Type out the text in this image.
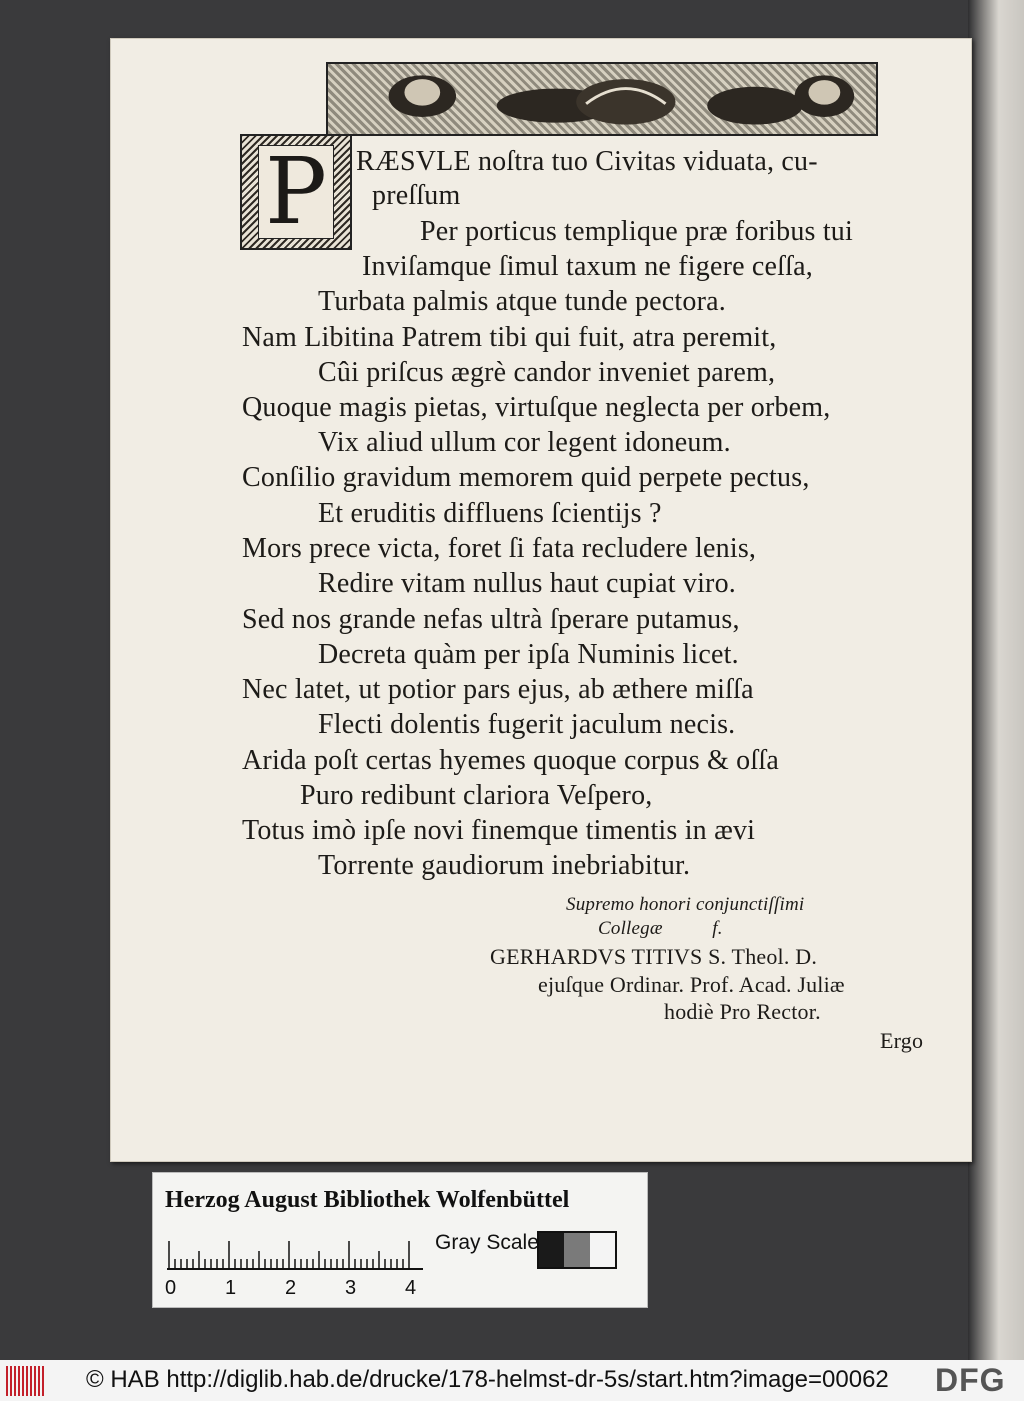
P RÆSVLE noſtra tuo Civitas viduata, cu-
preſſum
Per porticus templique præ foribus tui
Inviſamque ſimul taxum ne figere ceſſa,
Turbata palmis atque tunde pectora.
Nam Libitina Patrem tibi qui fuit, atra peremit,
Cûi priſcus ægrè candor inveniet parem,
Quoque magis pietas, virtuſque neglecta per orbem,
Vix aliud ullum cor legent idoneum.
Conſilio gravidum memorem quid perpete pectus,
Et eruditis diffluens ſcientijs ?
Mors prece victa, foret ſi fata recludere lenis,
Redire vitam nullus haut cupiat viro.
Sed nos grande nefas ultrà ſperare putamus,
Decreta quàm per ipſa Numinis licet.
Nec latet, ut potior pars ejus, ab æthere miſſa
Flecti dolentis fugerit jaculum necis.
Arida poſt certas hyemes quoque corpus & oſſa
Puro redibunt clariora Veſpero,
Totus imò ipſe novi finemque timentis in ævi
Torrente gaudiorum inebriabitur.
Supremo honori conjunctiſſimi
Collegæ          f.
GERHARDVS TITIVS S. Theol. D.
ejuſque Ordinar. Prof. Acad. Juliæ
hodiè Pro Rector.
Ergo
Herzog August Bibliothek Wolfenbüttel
0 1 2 3 4
Gray Scale
© HAB http://diglib.hab.de/drucke/178-helmst-dr-5s/start.htm?image=00062 DFG
